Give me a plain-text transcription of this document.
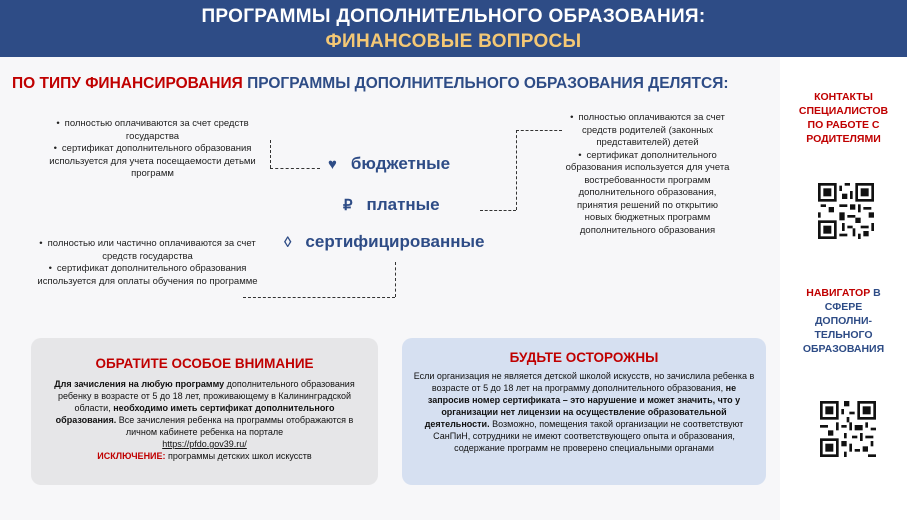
ПРОГРАММЫ ДОПОЛНИТЕЛЬНОГО ОБРАЗОВАНИЯ:
ФИНАНСОВЫЕ ВОПРОСЫ
ПО ТИПУ ФИНАНСИРОВАНИЯ ПРОГРАММЫ ДОПОЛНИТЕЛЬНОГО ОБРАЗОВАНИЯ ДЕЛЯТСЯ:
• полностью оплачиваются за счет средств государства
• сертификат дополнительного образования используется для учета посещаемости детьми программ
• полностью или частично оплачиваются за счет средств государства
• сертификат дополнительного образования используется для оплаты обучения по программе
• полностью оплачиваются за счет средств родителей (законных представителей) детей
• сертификат дополнительного образования используется для учета востребованности программ дополнительного образования, принятия решений по открытию новых бюджетных программ дополнительного образования
♥ бюджетные
₽ платные
◊ сертифицированные
ОБРАТИТЕ ОСОБОЕ ВНИМАНИЕ
Для зачисления на любую программу дополнительного образования ребенку в возрасте от 5 до 18 лет, проживающему в Калининградской области, необходимо иметь сертификат дополнительного образования. Все зачисления ребенка на программы отображаются в личном кабинете ребенка на портале
https://pfdo.gov39.ru/
ИСКЛЮЧЕНИЕ: программы детских школ искусств
БУДЬТЕ ОСТОРОЖНЫ
Если организация не является детской школой искусств, но зачислила ребенка в возрасте от 5 до 18 лет на программу дополнительного образования, не запросив номер сертификата – это нарушение и может значить, что у организации нет лицензии на осуществление образовательной деятельности. Возможно, помещения такой организации не соответствуют СанПиН, сотрудники не имеют соответствующего опыта и образования, содержание программ не проверено специальными органами
КОНТАКТЫ СПЕЦИАЛИСТОВ ПО РАБОТЕ С РОДИТЕЛЯМИ
НАВИГАТОР В СФЕРЕ ДОПОЛНИ-ТЕЛЬНОГО ОБРАЗОВАНИЯ
